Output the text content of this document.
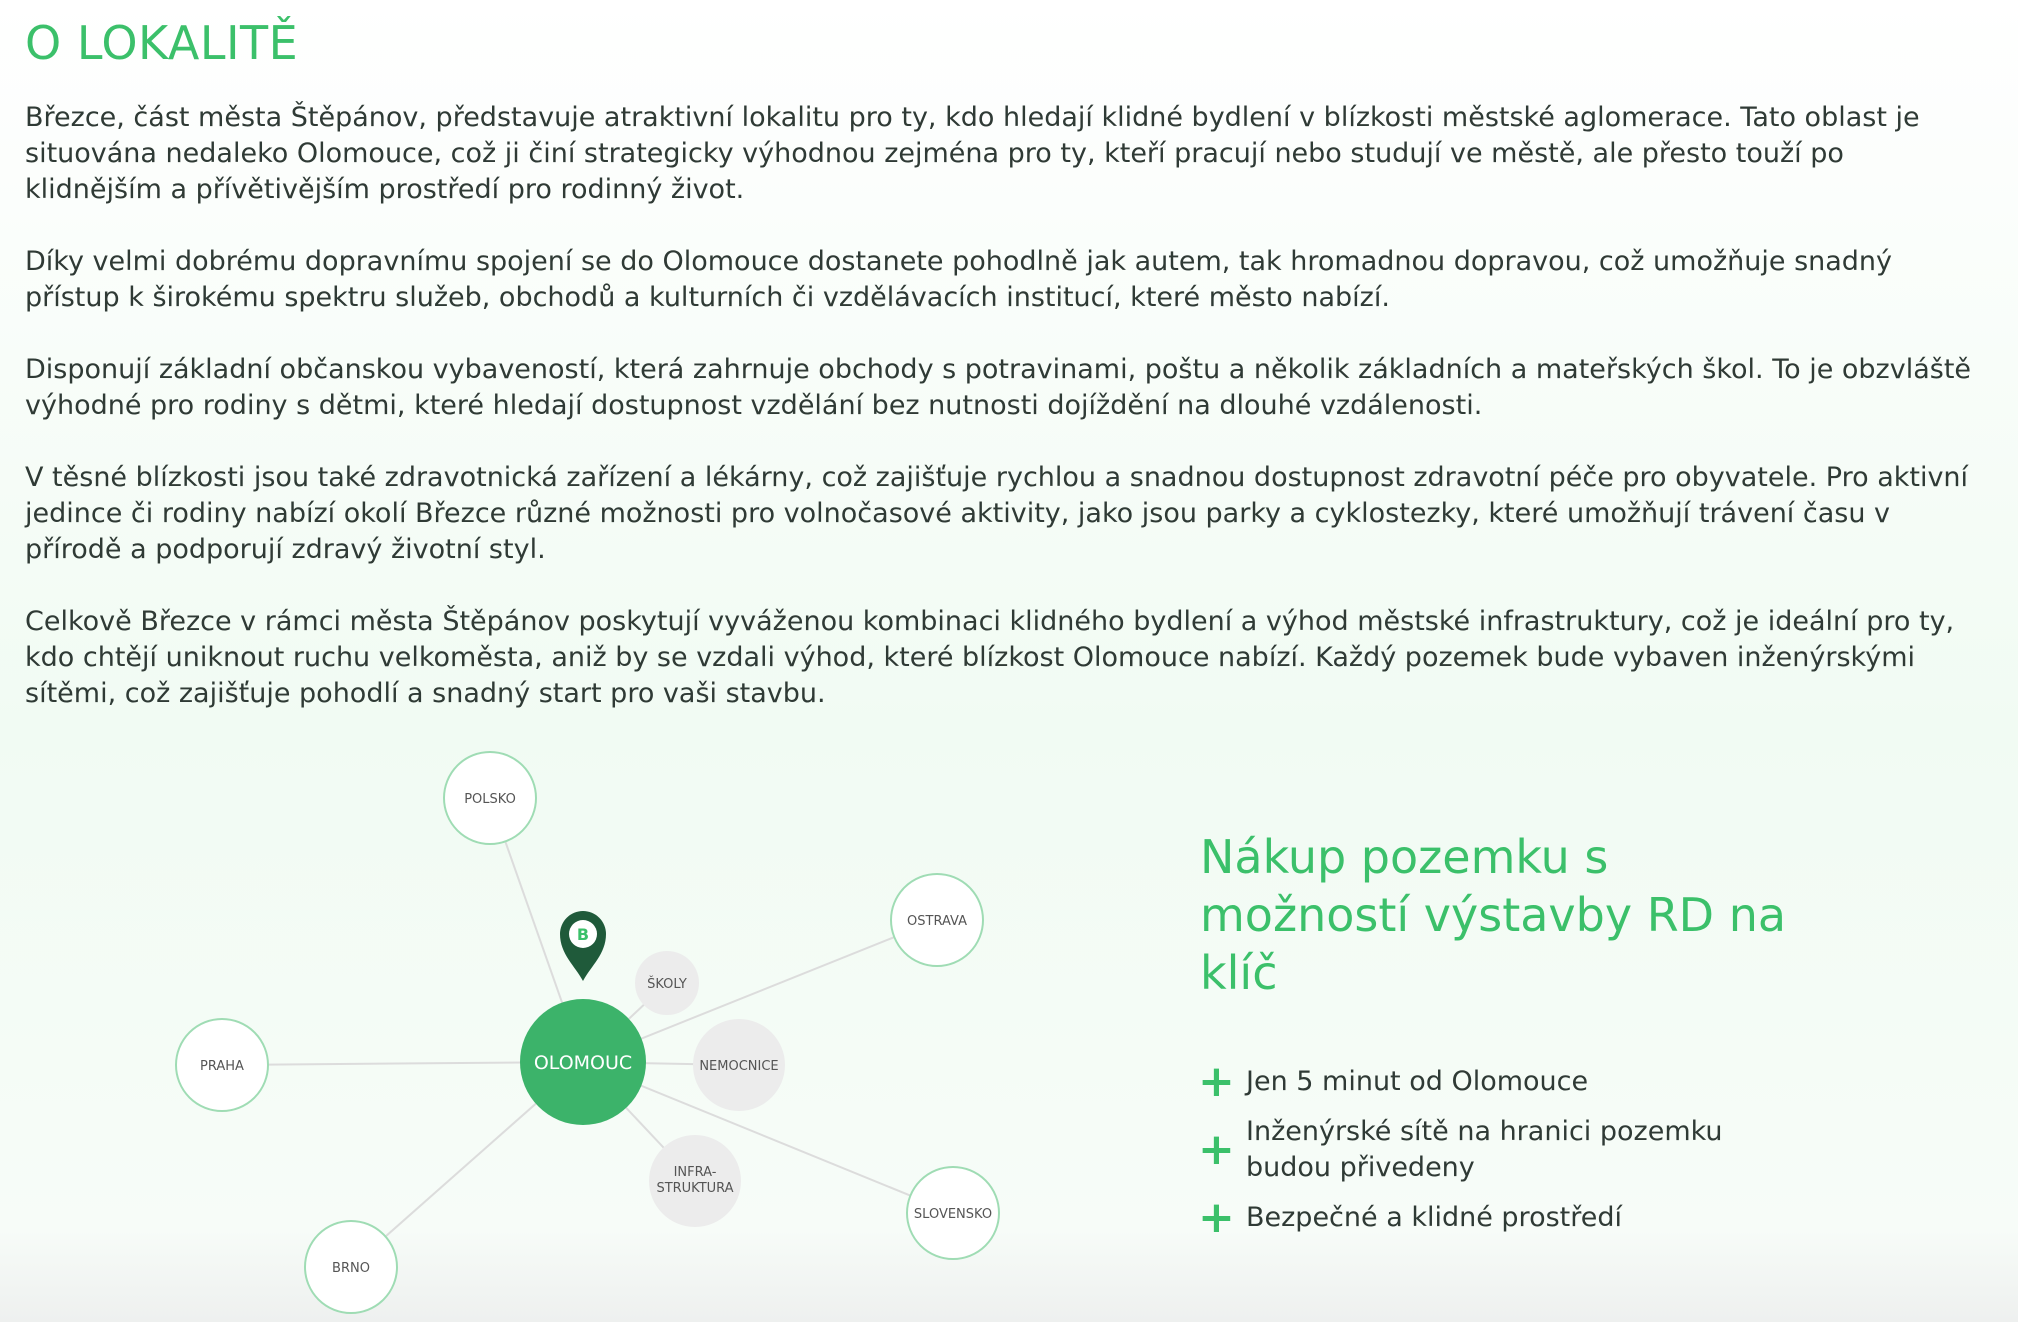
O LOKALITĚ

Březce, část města Štěpánov, představuje atraktivní lokalitu pro ty, kdo hledají klidné bydlení v blízkosti městské aglomerace. Tato oblast je situována nedaleko Olomouce, což ji činí strategicky výhodnou zejména pro ty, kteří pracují nebo studují ve městě, ale přesto touží po klidnějším a přívětivějším prostředí pro rodinný život.

Díky velmi dobrému dopravnímu spojení se do Olomouce dostanete pohodlně jak autem, tak hromadnou dopravou, což umožňuje snadný přístup k širokému spektru služeb, obchodů a kulturních či vzdělávacích institucí, které město nabízí.

Disponují základní občanskou vybaveností, která zahrnuje obchody s potravinami, poštu a několik základních a mateřských škol. To je obzvláště výhodné pro rodiny s dětmi, které hledají dostupnost vzdělání bez nutnosti dojíždění na dlouhé vzdálenosti.

V těsné blízkosti jsou také zdravotnická zařízení a lékárny, což zajišťuje rychlou a snadnou dostupnost zdravotní péče pro obyvatele. Pro aktivní jedince či rodiny nabízí okolí Březce různé možnosti pro volnočasové aktivity, jako jsou parky a cyklostezky, které umožňují trávení času v přírodě a podporují zdravý životní styl.

Celkově Březce v rámci města Štěpánov poskytují vyváženou kombinaci klidného bydlení a výhod městské infrastruktury, což je ideální pro ty, kdo chtějí uniknout ruchu velkoměsta, aniž by se vzdali výhod, které blízkost Olomouce nabízí. Každý pozemek bude vybaven inženýrskými sítěmi, což zajišťuje pohodlí a snadný start pro vaši stavbu.

POLSKO
OSTRAVA
PRAHA
SLOVENSKO
BRNO
ŠKOLY
NEMOCNICE
INFRA-
STRUKTURA
OLOMOUC
B
Nákup pozemku s možností výstavby RD na klíč
+ Jen 5 minut od Olomouce
+ Inženýrské sítě na hranici pozemku budou přivedeny
+ Bezpečné a klidné prostředí
